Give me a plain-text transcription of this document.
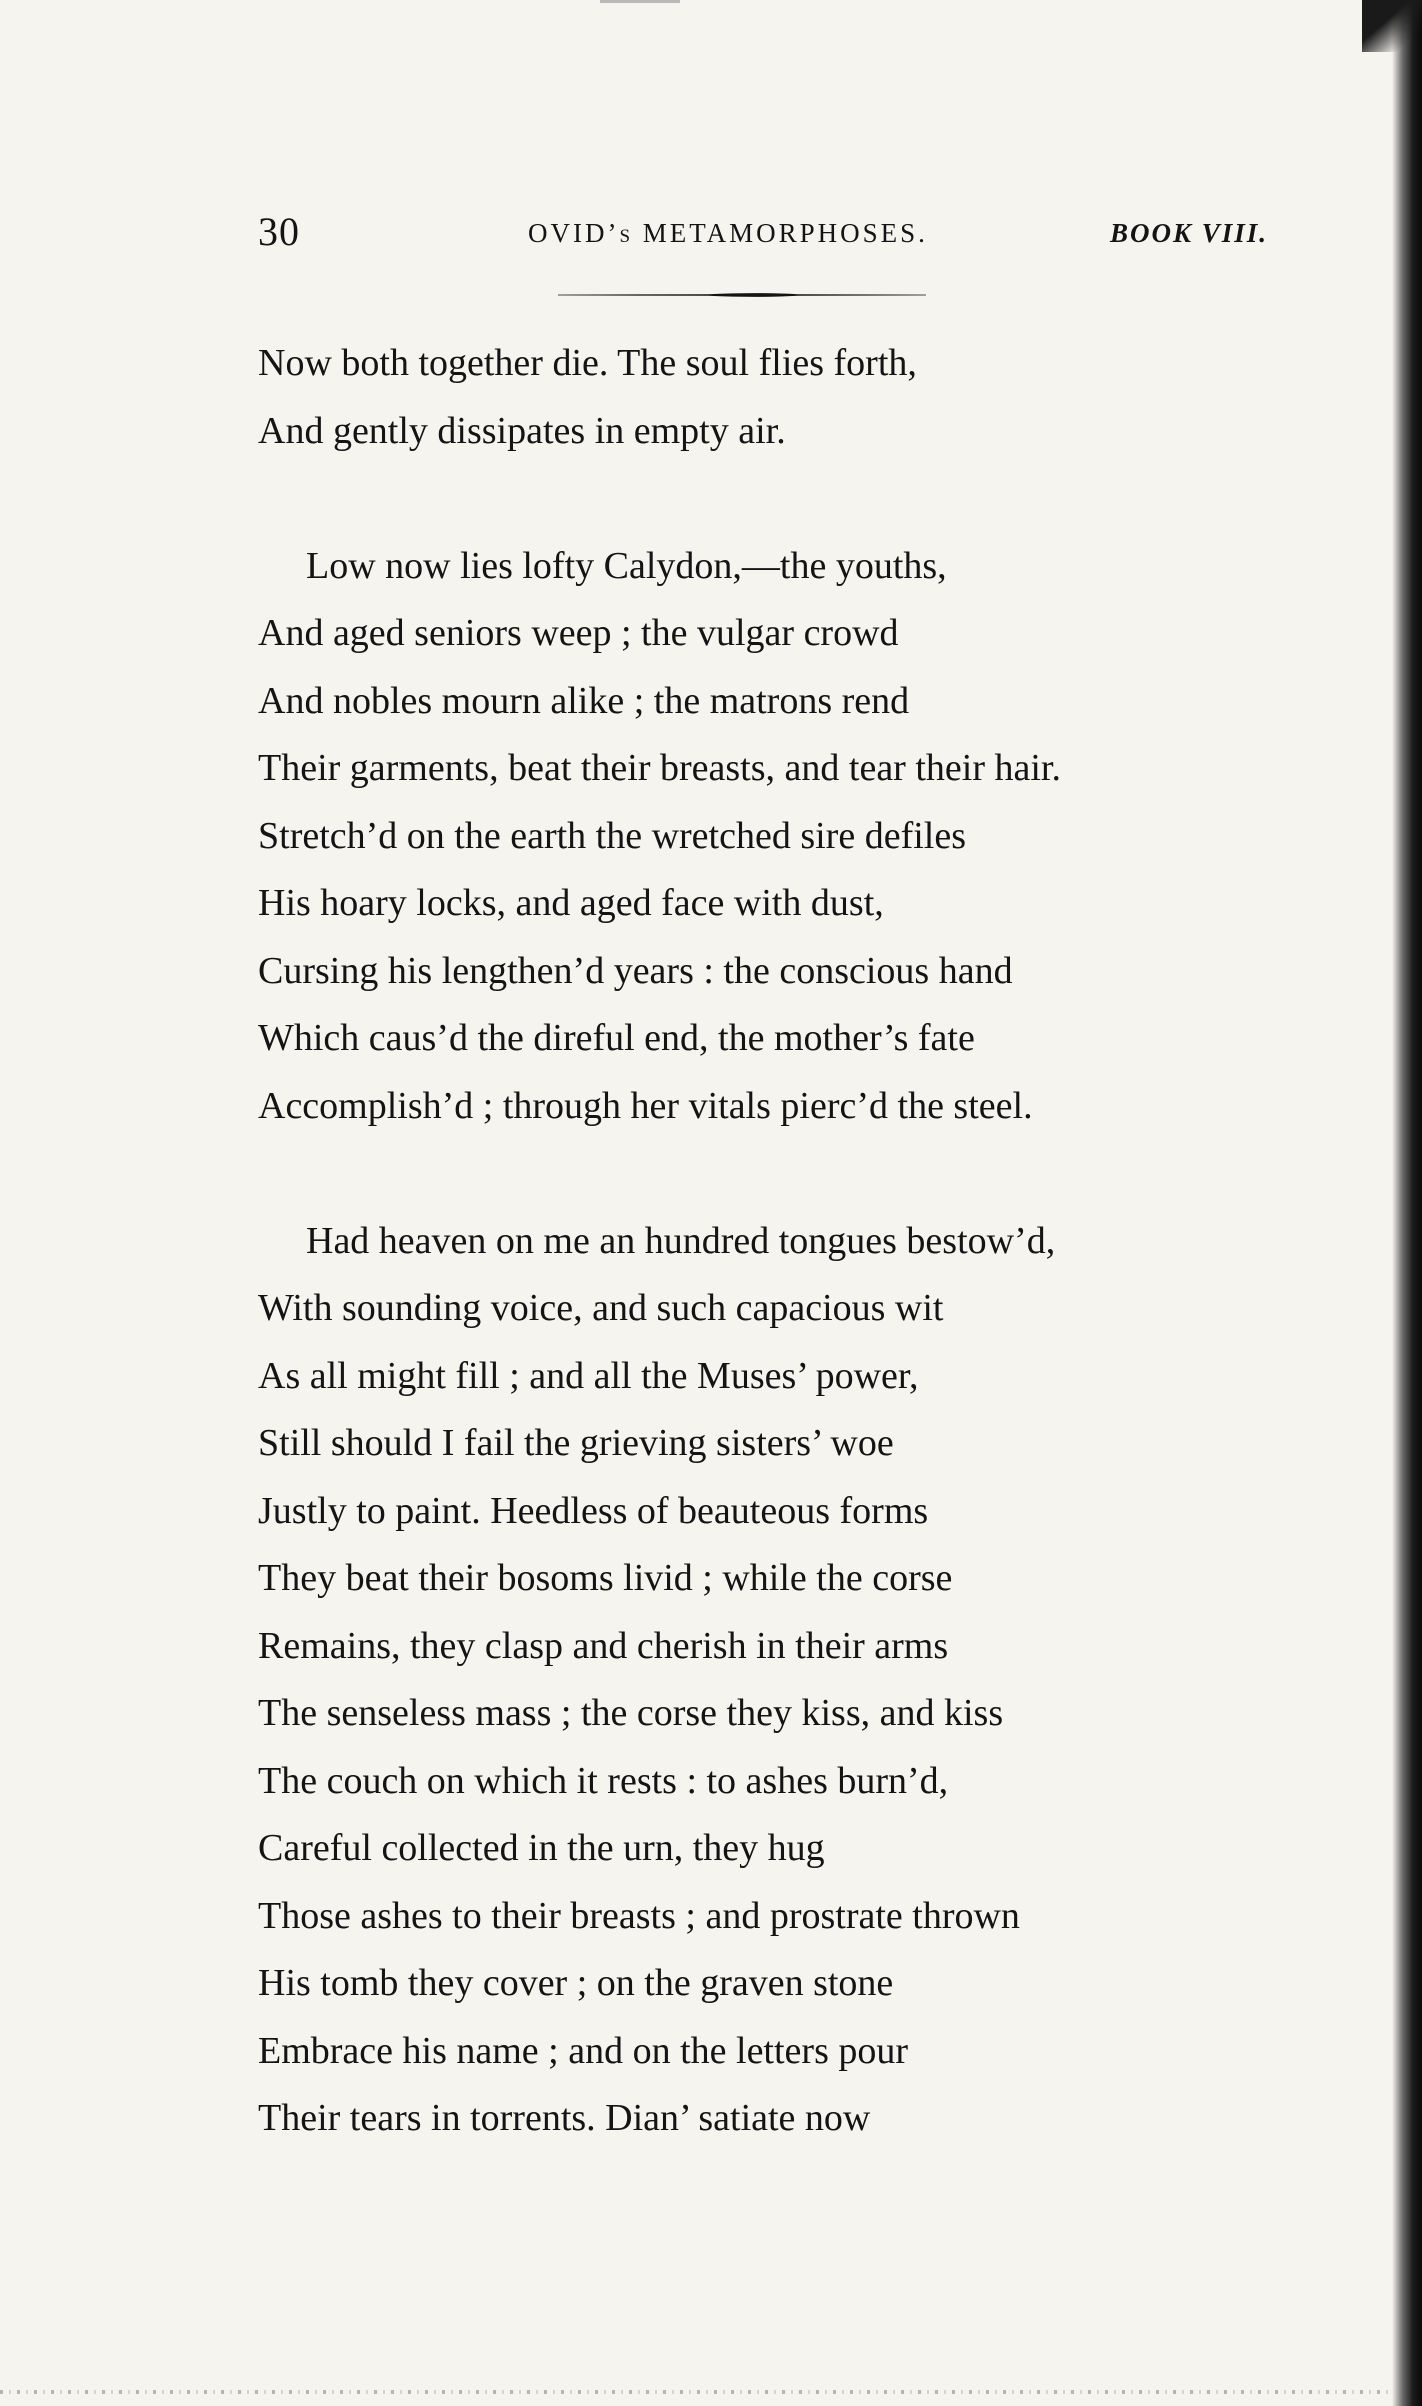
30	OVID’s METAMORPHOSES.	BOOK VIII.
Now both together die. The soul flies forth,
And gently dissipates in empty air.
Low now lies lofty Calydon,—the youths,
And aged seniors weep ; the vulgar crowd
And nobles mourn alike ; the matrons rend
Their garments, beat their breasts, and tear their hair.
Stretch’d on the earth the wretched sire defiles
His hoary locks, and aged face with dust,
Cursing his lengthen’d years : the conscious hand
Which caus’d the direful end, the mother’s fate
Accomplish’d ; through her vitals pierc’d the steel.
Had heaven on me an hundred tongues bestow’d,
With sounding voice, and such capacious wit
As all might fill ; and all the Muses’ power,
Still should I fail the grieving sisters’ woe
Justly to paint. Heedless of beauteous forms
They beat their bosoms livid ; while the corse
Remains, they clasp and cherish in their arms
The senseless mass ; the corse they kiss, and kiss
The couch on which it rests : to ashes burn’d,
Careful collected in the urn, they hug
Those ashes to their breasts ; and prostrate thrown
His tomb they cover ; on the graven stone
Embrace his name ; and on the letters pour
Their tears in torrents. Dian’ satiate now
